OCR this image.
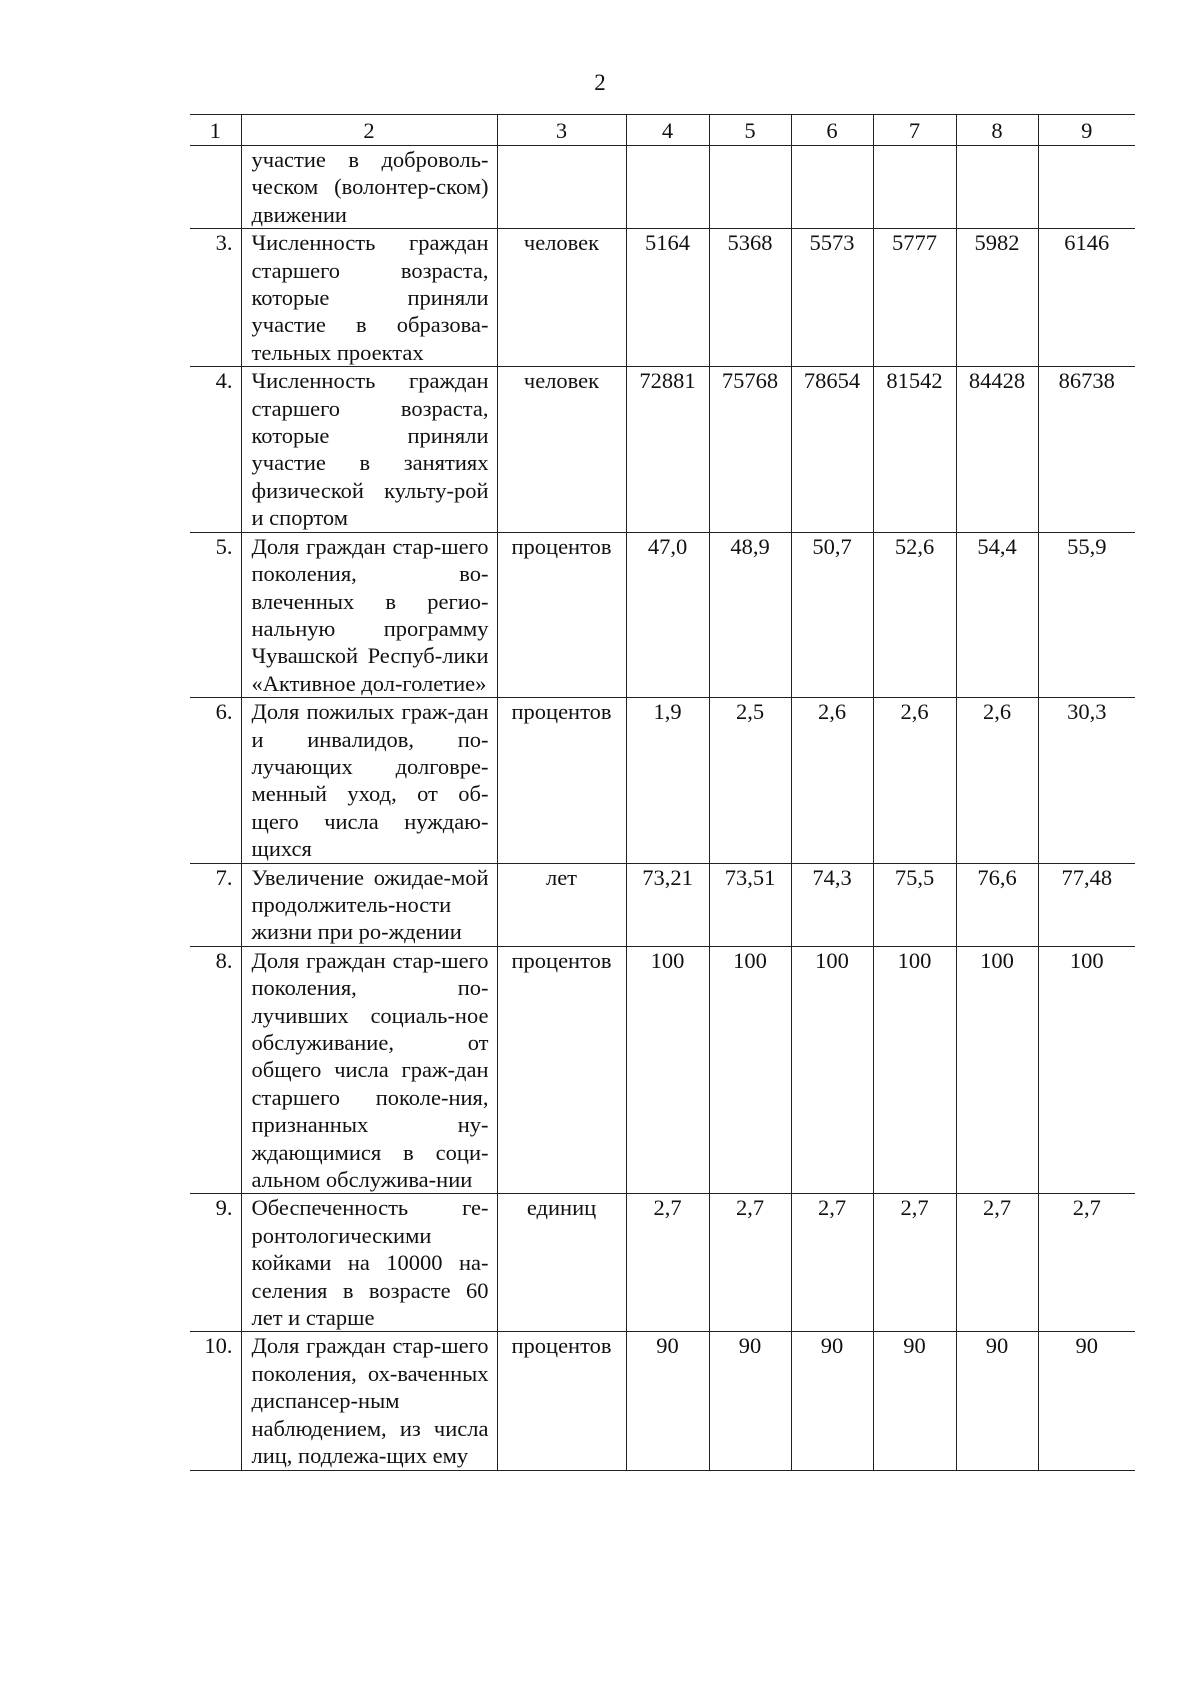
2
1	2	3	4	5	6	7	8	9
	участие в доброволь-ческом (волонтер-ском) движении							
3.	Численность граждан старшего возраста, которые приняли участие в образова-тельных проектах	человек	5164	5368	5573	5777	5982	6146
4.	Численность граждан старшего возраста, которые приняли участие в занятиях физической культу-рой и спортом	человек	72881	75768	78654	81542	84428	86738
5.	Доля граждан стар-шего поколения, во-влеченных в регио-нальную программу Чувашской Респуб-лики «Активное дол-голетие»	процентов	47,0	48,9	50,7	52,6	54,4	55,9
6.	Доля пожилых граж-дан и инвалидов, по-лучающих долговре-менный уход, от об-щего числа нуждаю-щихся	процентов	1,9	2,5	2,6	2,6	2,6	30,3
7.	Увеличение ожидае-мой продолжитель-ности жизни при ро-ждении	лет	73,21	73,51	74,3	75,5	76,6	77,48
8.	Доля граждан стар-шего поколения, по-лучивших социаль-ное обслуживание, от общего числа граж-дан старшего поколе-ния, признанных ну-ждающимися в соци-альном обслужива-нии	процентов	100	100	100	100	100	100
9.	Обеспеченность ге-ронтологическими койками на 10000 на-селения в возрасте 60 лет и старше	единиц	2,7	2,7	2,7	2,7	2,7	2,7
10.	Доля граждан стар-шего поколения, ох-ваченных диспансер-ным наблюдением, из числа лиц, подлежа-щих ему	процентов	90	90	90	90	90	90
